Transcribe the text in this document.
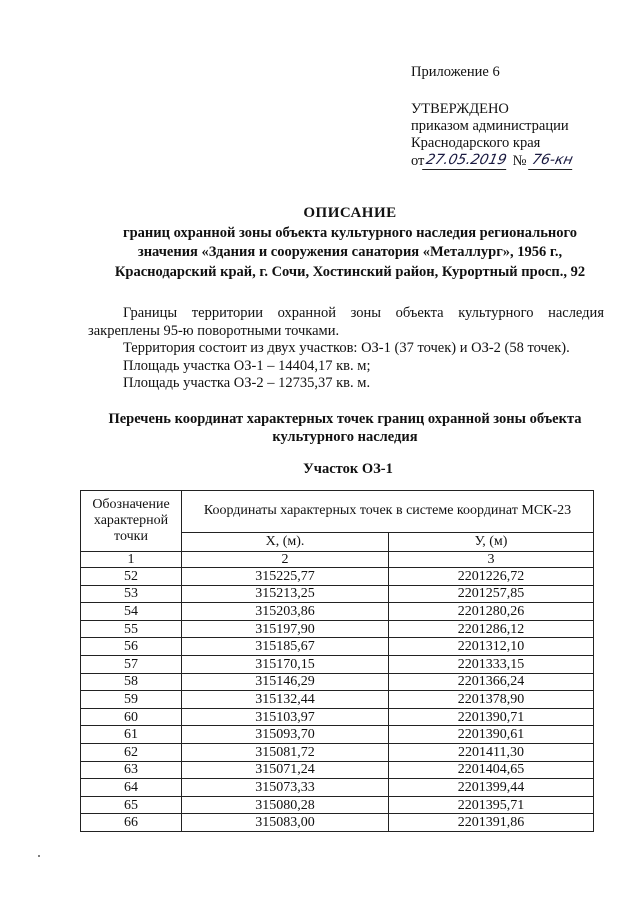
Приложение 6
УТВЕРЖДЕНО
приказом администрации
Краснодарского края
от 27.05.2019 № 76-кн
ОПИСАНИЕ
границ охранной зоны объекта культурного наследия регионального
значения «Здания и сооружения санатория «Металлург», 1956 г.,
Краснодарский край, г. Сочи, Хостинский район, Курортный просп., 92

Границы территории охранной зоны объекта культурного наследия закреплены 95-ю поворотными точками.

Территория состоит из двух участков: ОЗ-1 (37 точек) и ОЗ-2 (58 точек).

Площадь участка ОЗ-1 – 14404,17 кв. м;

Площадь участка ОЗ-2 – 12735,37 кв. м.

Перечень координат характерных точек границ охранной зоны объекта
культурного наследия
Участок ОЗ-1
Обозначение характерной точки	Координаты характерных точек в системе координат МСК-23	
	X, (м).	У, (м)
1	2	3
52	315225,77	2201226,72
53	315213,25	2201257,85
54	315203,86	2201280,26
55	315197,90	2201286,12
56	315185,67	2201312,10
57	315170,15	2201333,15
58	315146,29	2201366,24
59	315132,44	2201378,90
60	315103,97	2201390,71
61	315093,70	2201390,61
62	315081,72	2201411,30
63	315071,24	2201404,65
64	315073,33	2201399,44
65	315080,28	2201395,71
66	315083,00	2201391,86
